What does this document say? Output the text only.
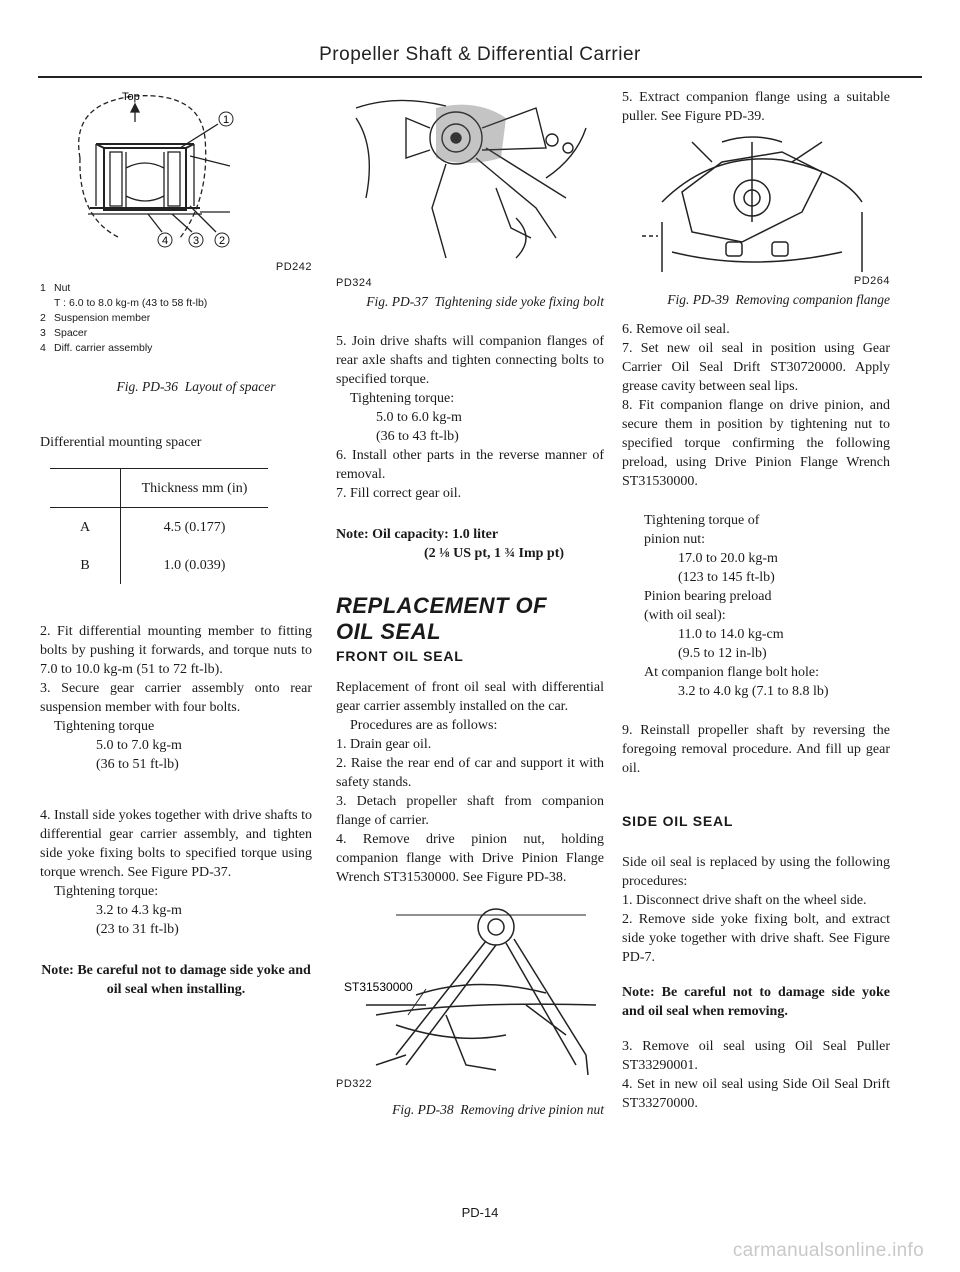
Propeller Shaft & Differential Carrier
Top
1
2
3
4
PD242
1 Nut
T : 6.0 to 8.0 kg-m (43 to 58 ft-lb)
2 Suspension member
3 Spacer
4 Diff. carrier assembly
Fig. PD-36 Layout of spacer

Differential mounting spacer

	Thickness mm (in)
A	4.5 (0.177)
B	1.0 (0.039)

2. Fit differential mounting member to fitting bolts by pushing it forwards, and torque nuts to 7.0 to 10.0 kg-m (51 to 72 ft-lb).

3. Secure gear carrier assembly onto rear suspension member with four bolts.

Tightening torque

5.0 to 7.0 kg-m

(36 to 51 ft-lb)

4. Install side yokes together with drive shafts to differential gear carrier assembly, and tighten side yoke fixing bolts to specified torque using torque wrench. See Figure PD-37.

Tightening torque:

3.2 to 4.3 kg-m

(23 to 31 ft-lb)

Note: Be careful not to damage side yoke and oil seal when installing.

PD324
Fig. PD-37 Tightening side yoke fixing bolt

5. Join drive shafts will companion flanges of rear axle shafts and tighten connecting bolts to specified torque.

Tightening torque:

5.0 to 6.0 kg-m

(36 to 43 ft-lb)

6. Install other parts in the reverse manner of removal.

7. Fill correct gear oil.

Note: Oil capacity: 1.0 liter

(2 ⅛ US pt, 1 ¾ Imp pt)

REPLACEMENT OF
OIL SEAL
FRONT OIL SEAL

Replacement of front oil seal with differential gear carrier assembly installed on the car.

Procedures are as follows:

1. Drain gear oil.

2. Raise the rear end of car and support it with safety stands.

3. Detach propeller shaft from companion flange of carrier.

4. Remove drive pinion nut, holding companion flange with Drive Pinion Flange Wrench ST31530000. See Figure PD-38.

ST31530000
PD322
Fig. PD-38 Removing drive pinion nut

5. Extract companion flange using a suitable puller. See Figure PD-39.

PD264
Fig. PD-39 Removing companion flange

6. Remove oil seal.

7. Set new oil seal in position using Gear Carrier Oil Seal Drift ST30720000. Apply grease cavity between seal lips.

8. Fit companion flange on drive pinion, and secure them in position by tightening nut to specified torque confirming the following preload, using Drive Pinion Flange Wrench ST31530000.

Tightening torque of

pinion nut:

17.0 to 20.0 kg-m

(123 to 145 ft-lb)

Pinion bearing preload

(with oil seal):

11.0 to 14.0 kg-cm

(9.5 to 12 in-lb)

At companion flange bolt hole:

3.2 to 4.0 kg (7.1 to 8.8 lb)

9. Reinstall propeller shaft by reversing the foregoing removal procedure. And fill up gear oil.

SIDE OIL SEAL

Side oil seal is replaced by using the following procedures:

1. Disconnect drive shaft on the wheel side.

2. Remove side yoke fixing bolt, and extract side yoke together with drive shaft. See Figure PD-7.

Note: Be careful not to damage side yoke and oil seal when removing.

3. Remove oil seal using Oil Seal Puller ST33290001.

4. Set in new oil seal using Side Oil Seal Drift ST33270000.

PD-14
carmanualsonline.info
